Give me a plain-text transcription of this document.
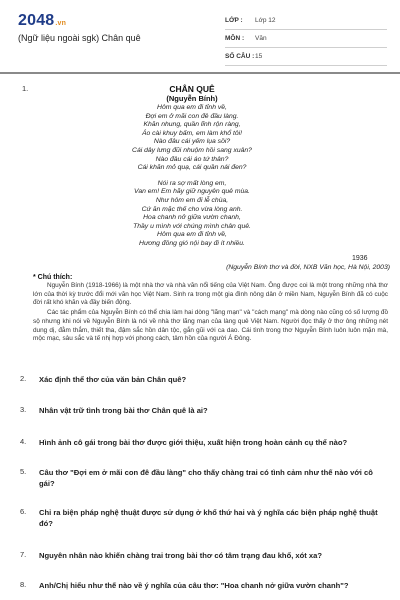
2048.vn
(Ngữ liệu ngoài sgk) Chân quê
LỚP :	Lớp 12
MÔN :	Văn
SỐ CÂU : 15
1.	CHÂN QUÊ
(Nguyễn Bính)
Hôm qua em đi tỉnh về,
Đợi em ở mãi con đê đầu làng.
Khăn nhung, quần lĩnh rộn ràng,
Áo cài khuy bấm, em làm khổ tôi!
Nào đâu cái yếm lụa sồi?
Cái dây lưng đũi nhuộm hồi sang xuân?
Nào đâu cái áo tứ thân?
Cái khăn mỏ quạ, cái quần nái đen?
Nói ra sợ mất lòng em,
Van em! Em hãy giữ nguyên quê mùa.
Như hôm em đi lễ chùa,
Cứ ăn mặc thế cho vừa lòng anh.
Hoa chanh nở giữa vườn chanh,
Thầy u mình với chúng mình chân quê.
Hôm qua em đi tỉnh về,
Hương đồng gió nội bay đi ít nhiều.
1936
(Nguyễn Bính thơ và đời, NXB Văn học, Hà Nội, 2003)
* Chú thích:

Nguyễn Bính (1918-1966) là một nhà thơ và nhà văn nổi tiếng của Việt Nam. Ông được coi là một trong những nhà thơ lớn của thời kỳ trước đổi mới văn học Việt Nam. Sinh ra trong một gia đình nông dân ở miền Nam, Nguyễn Bính đã có cuộc đời rất khó khăn và đầy biến động.

Các tác phẩm của Nguyễn Bính có thể chia làm hai dòng "lãng mạn" và "cách mạng" mà dòng nào cũng có số lượng đồ sộ nhưng khi nói về Nguyễn Bính là nói về nhà thơ lãng mạn của làng quê Việt Nam. Người đọc thấy ở thơ ông những nét dung dị, đằm thắm, thiết tha, đậm sắc hồn dân tộc, gắn gũi với ca dao. Cái tình trong thơ Nguyễn Bính luôn luôn mặn mà, mộc mạc, sâu sắc và tế nhị hợp với phong cách, tâm hồn của người Á Đông.

2.	Xác định thể thơ của văn bản Chân quê?
3.	Nhân vật trữ tình trong bài thơ Chân quê là ai?
4.	Hình ảnh cô gái trong bài thơ được giới thiệu, xuất hiện trong hoàn cảnh cụ thể nào?
5.	Câu thơ "Đợi em ở mãi con đê đầu làng" cho thấy chàng trai có tình cảm như thế nào với cô gái?
6.	Chỉ ra biện pháp nghệ thuật được sử dụng ở khổ thứ hai và ý nghĩa các biện pháp nghệ thuật đó?
7.	Nguyên nhân nào khiến chàng trai trong bài thơ có tâm trạng đau khổ, xót xa?
8.	Anh/Chị hiểu như thế nào về ý nghĩa của câu thơ: "Hoa chanh nở giữa vườn chanh"?
